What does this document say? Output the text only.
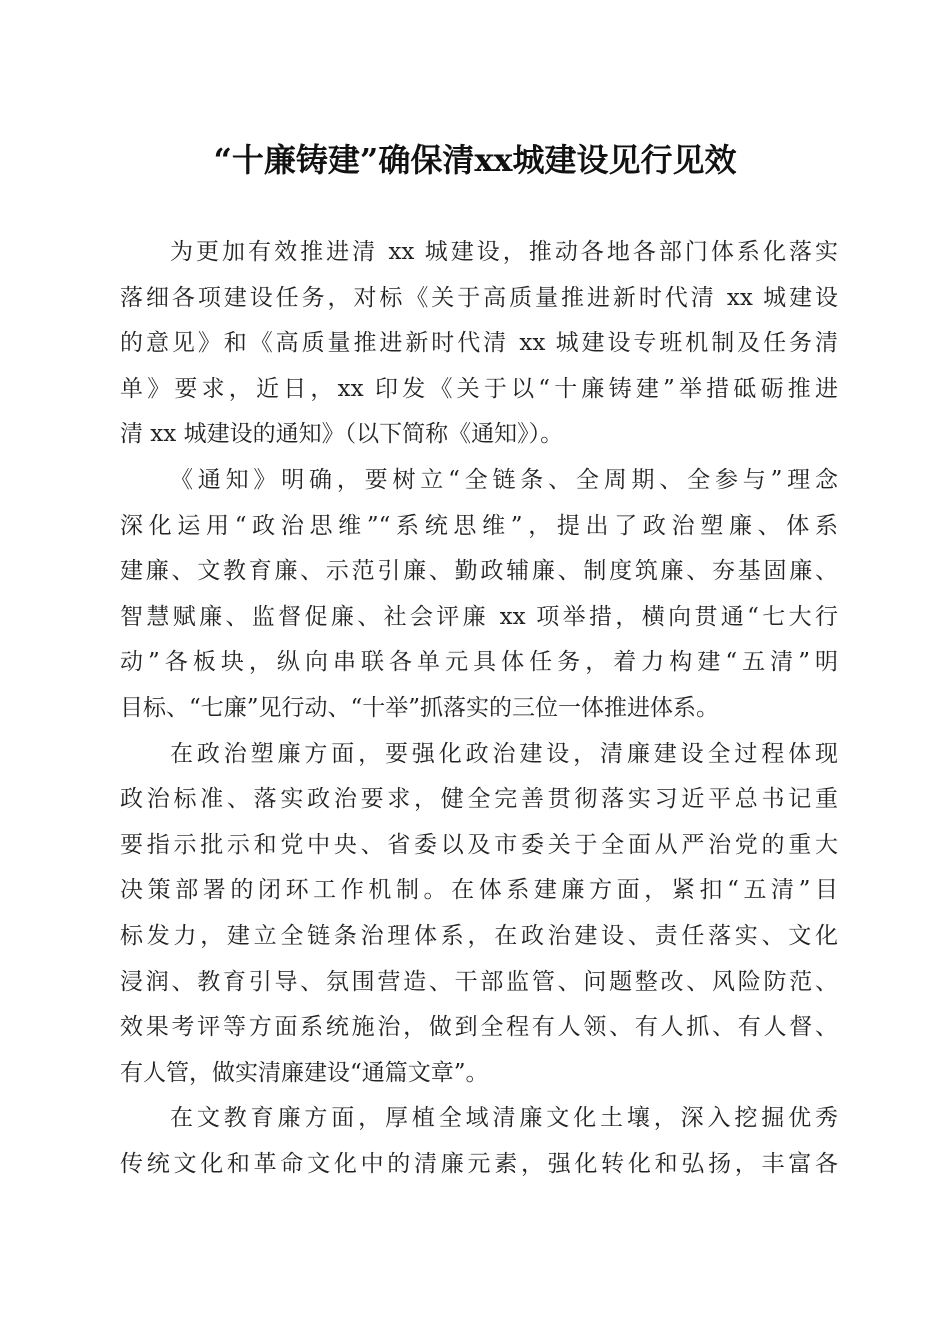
“十廉铸建”确保清xx城建设见行见效
为更加有效推进清 xx 城建设，推动各地各部门体系化落实
落细各项建设任务，对标《关于高质量推进新时代清 xx 城建设
的意见》和《高质量推进新时代清 xx 城建设专班机制及任务清
单》要求，近日，xx 印发《关于以“十廉铸建”举措砥砺推进
清 xx 城建设的通知》（以下简称《通知》）。
《通知》明确，要树立“全链条、全周期、全参与”理念
深化运用“政治思维”“系统思维”，提出了政治塑廉、体系
建廉、文教育廉、示范引廉、勤政辅廉、制度筑廉、夯基固廉、
智慧赋廉、监督促廉、社会评廉 xx 项举措，横向贯通“七大行
动”各板块，纵向串联各单元具体任务，着力构建“五清”明
目标、“七廉”见行动、“十举”抓落实的三位一体推进体系。
在政治塑廉方面，要强化政治建设，清廉建设全过程体现
政治标准、落实政治要求，健全完善贯彻落实习近平总书记重
要指示批示和党中央、省委以及市委关于全面从严治党的重大
决策部署的闭环工作机制。在体系建廉方面，紧扣“五清”目
标发力，建立全链条治理体系，在政治建设、责任落实、文化
浸润、教育引导、氛围营造、干部监管、问题整改、风险防范、
效果考评等方面系统施治，做到全程有人领、有人抓、有人督、
有人管，做实清廉建设“通篇文章”。
在文教育廉方面，厚植全域清廉文化土壤，深入挖掘优秀
传统文化和革命文化中的清廉元素，强化转化和弘扬，丰富各
